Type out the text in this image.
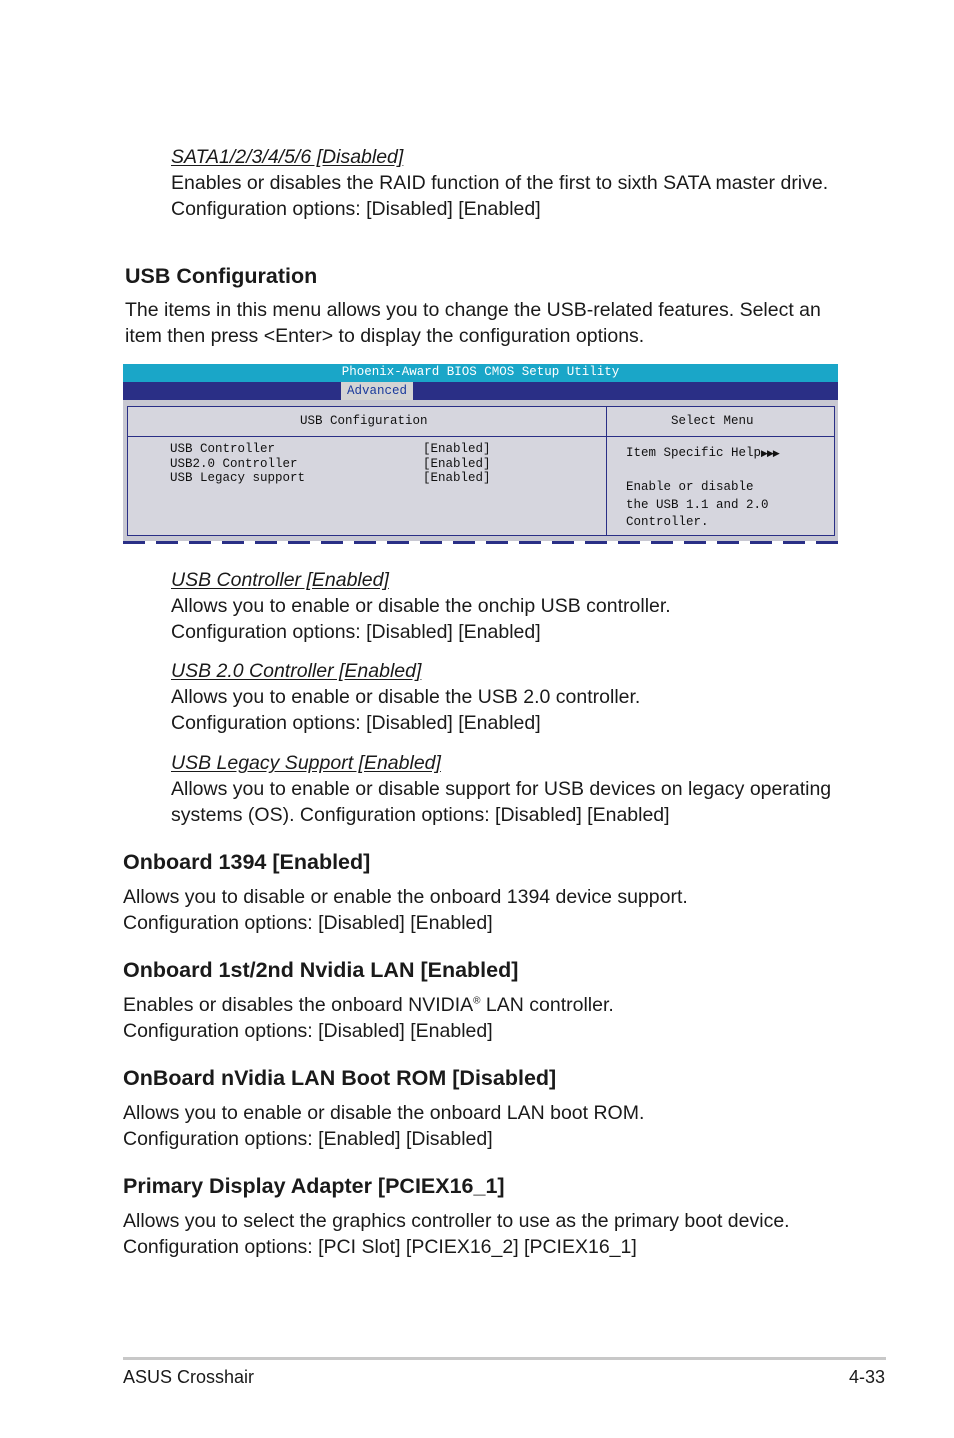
SATA1/2/3/4/5/6 [Disabled]

Enables or disables the RAID function of the first to sixth SATA master drive.

Configuration options: [Disabled] [Enabled]

USB Configuration

The items in this menu allows you to change the USB-related features. Select an

item then press <Enter> to display the configuration options.

Phoenix-Award BIOS CMOS Setup Utility
Advanced
USB Configuration	Select Menu
USB Controller	[Enabled]
USB2.0 Controller	[Enabled]
USB Legacy support	[Enabled]
Item Specific Help▶▶▶
Enable or disable
the USB 1.1 and 2.0
Controller.

USB Controller [Enabled]

Allows you to enable or disable the onchip USB controller.

Configuration options: [Disabled] [Enabled]

USB 2.0 Controller [Enabled]

Allows you to enable or disable the USB 2.0 controller.

Configuration options: [Disabled] [Enabled]

USB Legacy Support [Enabled]

Allows you to enable or disable support for USB devices on legacy operating

systems (OS). Configuration options: [Disabled] [Enabled]

Onboard 1394 [Enabled]

Allows you to disable or enable the onboard 1394 device support.

Configuration options: [Disabled] [Enabled]

Onboard 1st/2nd Nvidia LAN [Enabled]

Enables or disables the onboard NVIDIA® LAN controller.

Configuration options: [Disabled] [Enabled]

OnBoard nVidia LAN Boot ROM [Disabled]

Allows you to enable or disable the onboard LAN boot ROM.

Configuration options: [Enabled] [Disabled]

Primary Display Adapter [PCIEX16_1]

Allows you to select the graphics controller to use as the primary boot device.

Configuration options: [PCI Slot] [PCIEX16_2] [PCIEX16_1]

ASUS Crosshair	4-33
